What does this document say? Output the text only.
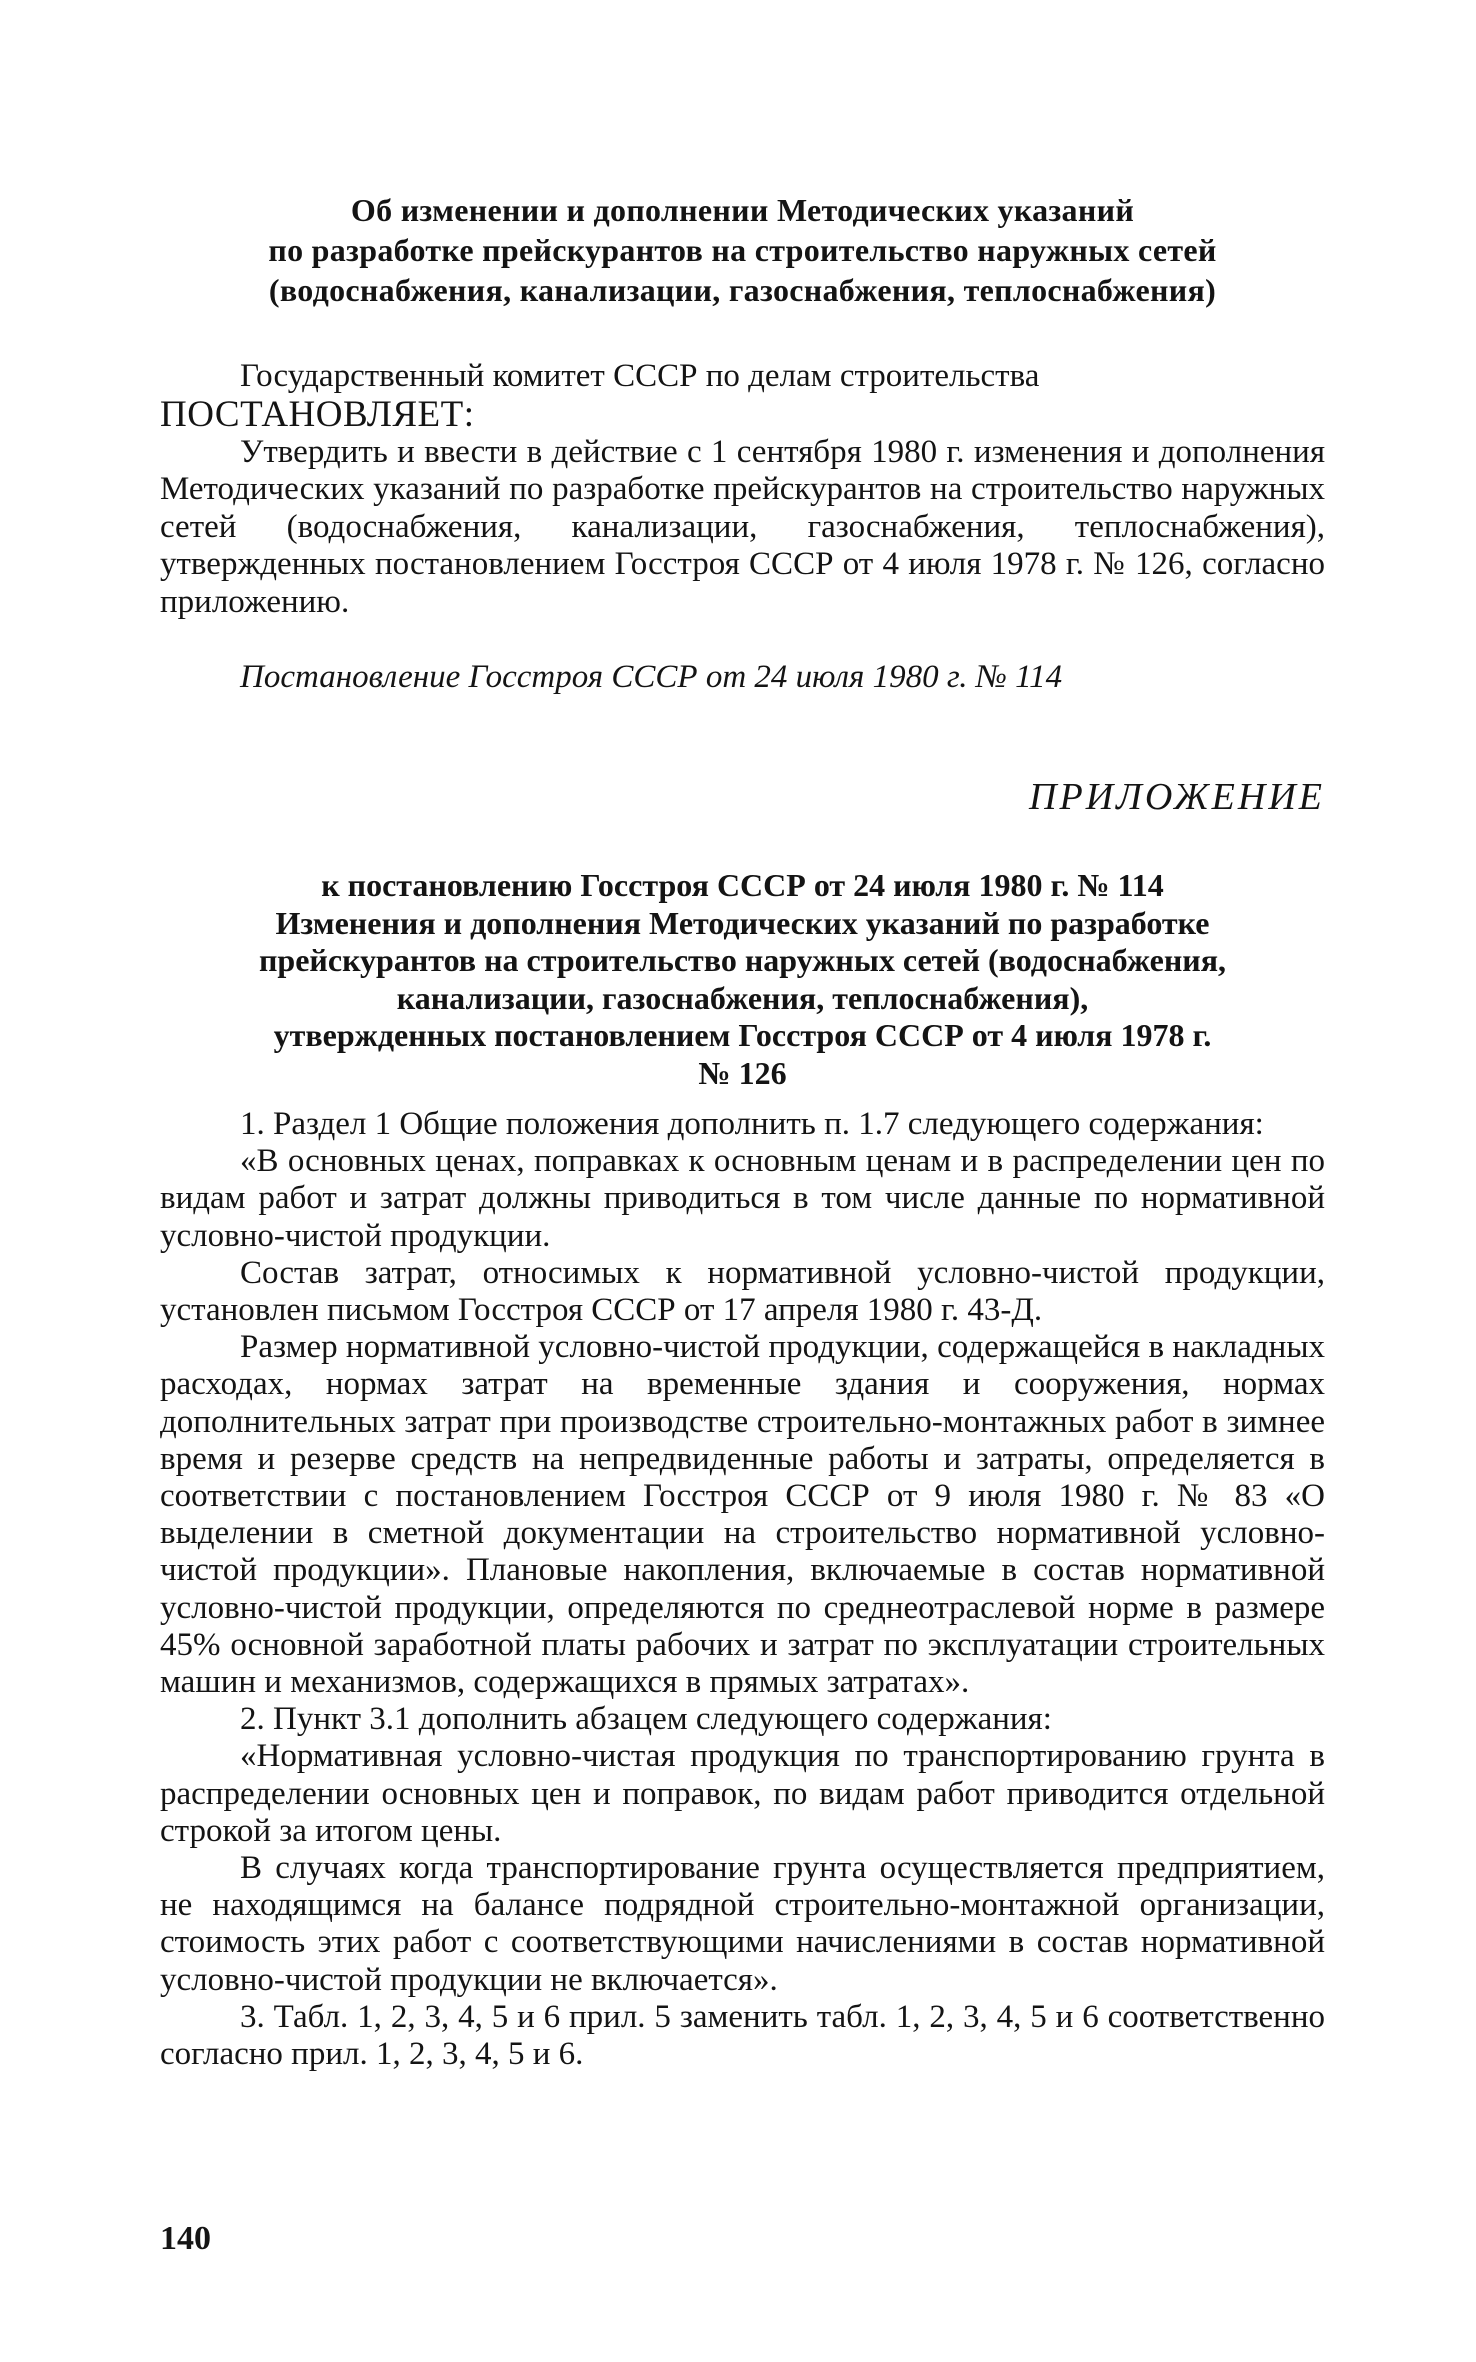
Об изменении и дополнении Методических указаний
по разработке прейскурантов на строительство наружных сетей
(водоснабжения, канализации, газоснабжения, теплоснабжения)

Государственный комитет СССР по делам строительства

ПОСТАНОВЛЯЕТ:

Утвердить и ввести в действие с 1 сентября 1980 г. изменения и дополнения Методических указаний по разработке прейскурантов на строительство наружных сетей (водоснабжения, канализации, газоснабжения, теплоснабжения), утвержденных постановлением Госстроя СССР от 4 июля 1978 г. № 126, согласно приложению.

Постановление Госстроя СССР от 24 июля 1980 г. № 114
ПРИЛОЖЕНИЕ
к постановлению Госстроя СССР от 24 июля 1980 г. № 114
Изменения и дополнения Методических указаний по разработке
прейскурантов на строительство наружных сетей (водоснабжения,
канализации, газоснабжения, теплоснабжения),
утвержденных постановлением Госстроя СССР от 4 июля 1978 г.
№ 126

1. Раздел 1 Общие положения дополнить п. 1.7 следующего содержания:

«В основных ценах, поправках к основным ценам и в распределении цен по видам работ и затрат должны приводиться в том числе данные по нормативной условно-чистой продукции.

Состав затрат, относимых к нормативной условно-чистой продукции, установлен письмом Госстроя СССР от 17 апреля 1980 г. 43-Д.

Размер нормативной условно-чистой продукции, содержащейся в накладных расходах, нормах затрат на временные здания и сооружения, нормах дополнительных затрат при производстве строительно-монтажных работ в зимнее время и резерве средств на непредвиденные работы и затраты, определяется в соответствии с постановлением Госстроя СССР от 9 июля 1980 г. № 83 «О выделении в сметной документации на строительство нормативной условно-чистой продукции». Плановые накопления, включаемые в состав нормативной условно-чистой продукции, определяются по среднеотраслевой норме в размере 45% основной заработной платы рабочих и затрат по эксплуатации строительных машин и механизмов, содержащихся в прямых затратах».

2. Пункт 3.1 дополнить абзацем следующего содержания:

«Нормативная условно-чистая продукция по транспортированию грунта в распределении основных цен и поправок, по видам работ приводится отдельной строкой за итогом цены.

В случаях когда транспортирование грунта осуществляется предприятием, не находящимся на балансе подрядной строительно-монтажной организации, стоимость этих работ с соответствующими начислениями в состав нормативной условно-чистой продукции не включается».

3. Табл. 1, 2, 3, 4, 5 и 6 прил. 5 заменить табл. 1, 2, 3, 4, 5 и 6 соответственно согласно прил. 1, 2, 3, 4, 5 и 6.

140
